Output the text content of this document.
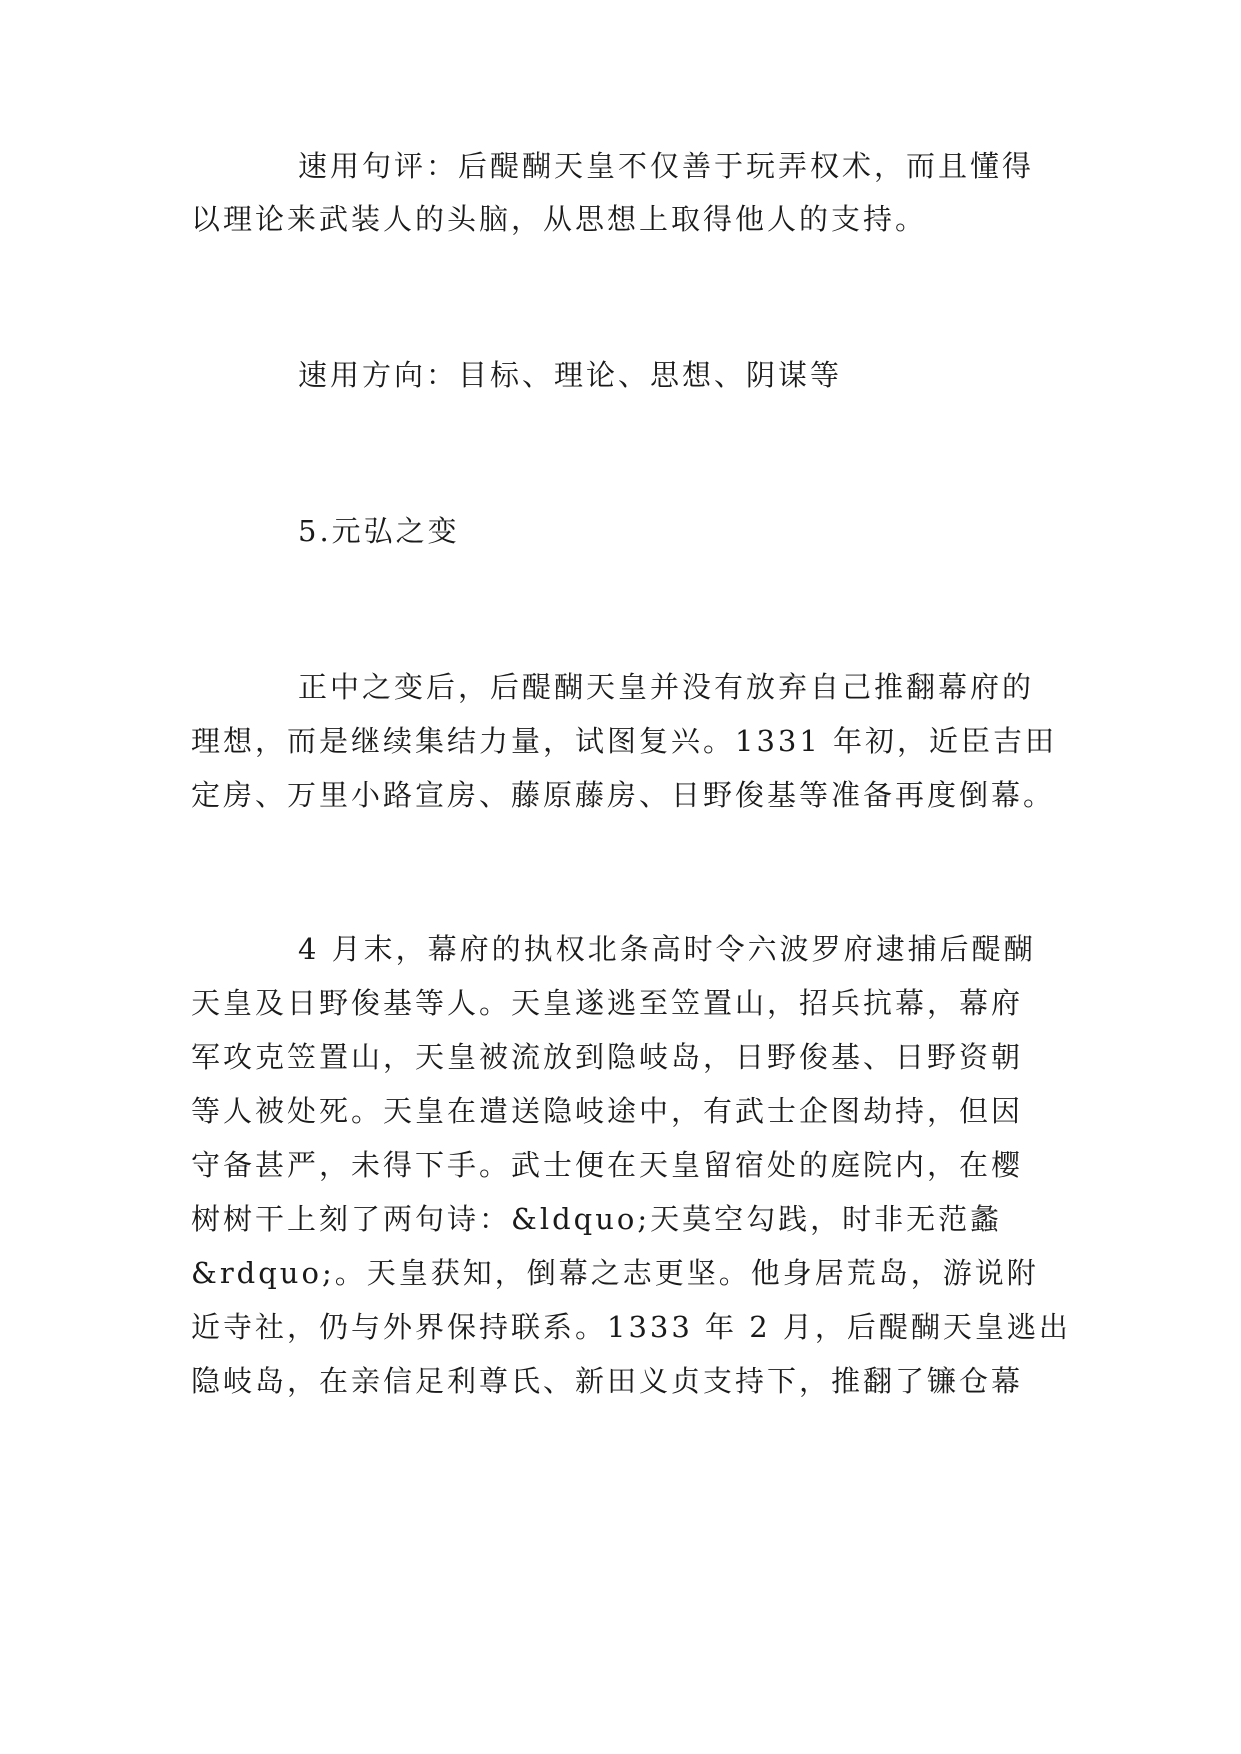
速用句评：后醍醐天皇不仅善于玩弄权术，而且懂得
以理论来武装人的头脑，从思想上取得他人的支持。
速用方向：目标、理论、思想、阴谋等
5.元弘之变
正中之变后，后醍醐天皇并没有放弃自己推翻幕府的
理想，而是继续集结力量，试图复兴。1331 年初，近臣吉田
定房、万里小路宣房、藤原藤房、日野俊基等准备再度倒幕。
4 月末，幕府的执权北条高时令六波罗府逮捕后醍醐
天皇及日野俊基等人。天皇遂逃至笠置山，招兵抗幕，幕府
军攻克笠置山，天皇被流放到隐岐岛，日野俊基、日野资朝
等人被处死。天皇在遣送隐岐途中，有武士企图劫持，但因
守备甚严，未得下手。武士便在天皇留宿处的庭院内，在樱
树树干上刻了两句诗：&ldquo;天莫空勾践，时非无范蠡
&rdquo;。天皇获知，倒幕之志更坚。他身居荒岛，游说附
近寺社，仍与外界保持联系。1333 年 2 月，后醍醐天皇逃出
隐岐岛，在亲信足利尊氏、新田义贞支持下，推翻了镰仓幕
